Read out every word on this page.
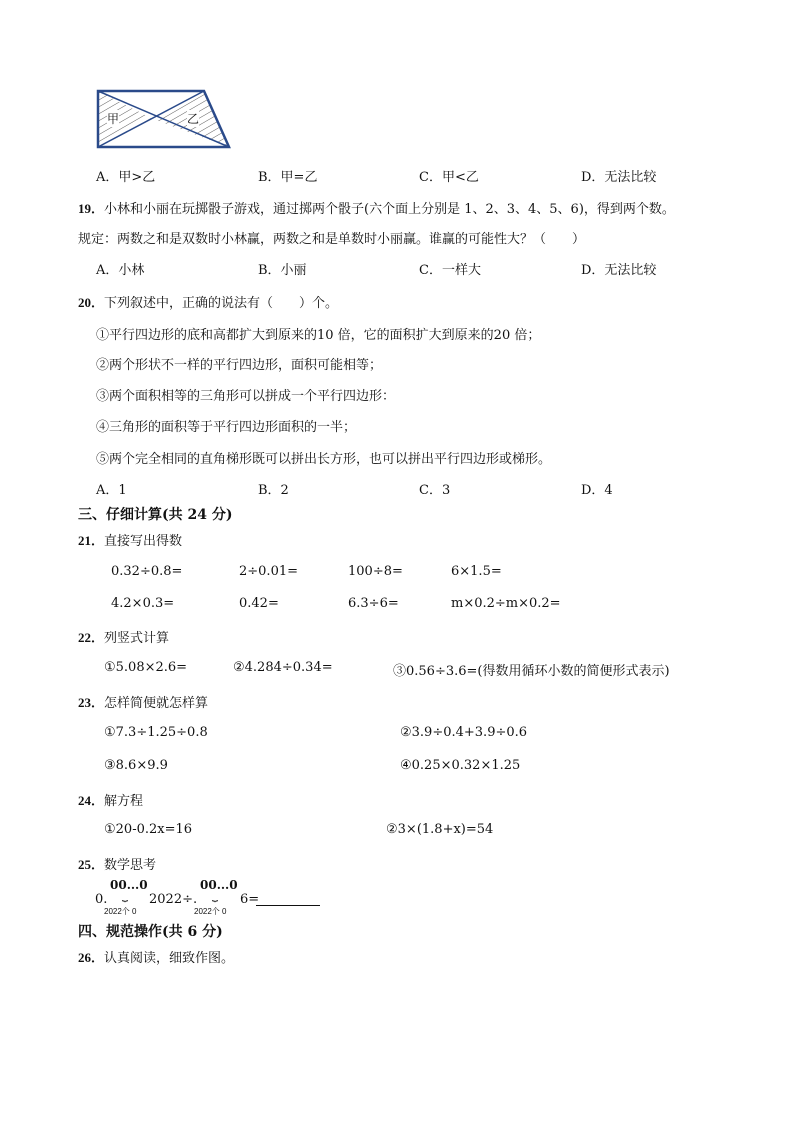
甲	乙
A．甲>乙	B．甲=乙	C．甲<乙	D．无法比较
19． 小林和小丽在玩掷骰子游戏，通过掷两个骰子(六个面上分别是 1、2、3、4、5、6)，得到两个数。
规定：两数之和是双数时小林赢，两数之和是单数时小丽赢。谁赢的可能性大？（　　）
A．小林	B．小丽	C．一样大	D．无法比较
20． 下列叙述中，正确的说法有（　　）个。
①平行四边形的底和高都扩大到原来的10 倍，它的面积扩大到原来的20 倍；
②两个形状不一样的平行四边形，面积可能相等；
③两个面积相等的三角形可以拼成一个平行四边形：
④三角形的面积等于平行四边形面积的一半；
⑤两个完全相同的直角梯形既可以拼出长方形，也可以拼出平行四边形或梯形。
A．1	B．2	C．3	D．4
三、仔细计算(共 24 分)
21． 直接写出得数
0.32÷0.8=	2÷0.01=	100÷8=	6×1.5=
4.2×0.3=	0.42=	6.3÷6=	m×0.2÷m×0.2=
22． 列竖式计算
①5.08×2.6=	②4.284÷0.34=	③0.56÷3.6=(得数用循环小数的简便形式表示)
23． 怎样简便就怎样算
①7.3÷1.25÷0.8	②3.9÷0.4+3.9÷0.6
③8.6×9.9	④0.25×0.32×1.25
24． 解方程
①20-0.2x=16	②3×(1.8+x)=54
25． 数学思考
0.
00...0
⏟
2022个 0
2022÷.
00...0
⏟
2022个 0
6=
四、规范操作(共 6 分)
26． 认真阅读，细致作图。
